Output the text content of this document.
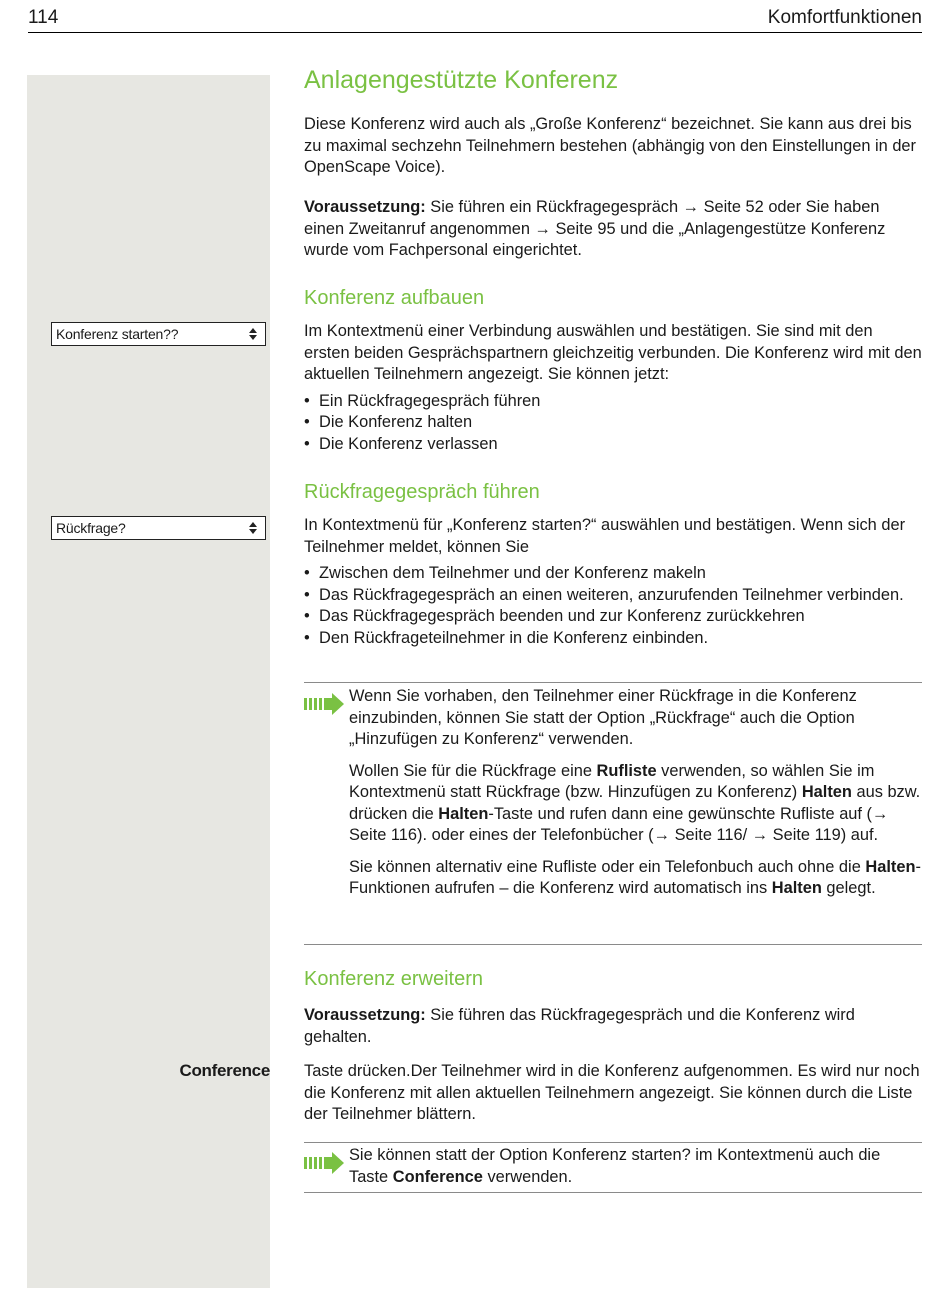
114	Komfortfunktionen
Konferenz starten??
Rückfrage?
Conference
Anlagengestützte Konferenz

Diese Konferenz wird auch als „Große Konferenz“ bezeichnet. Sie kann aus drei bis zu maximal sechzehn Teilnehmern bestehen (abhängig von den Einstellungen in der OpenScape Voice).

Voraussetzung: Sie führen ein Rückfragegespräch → Seite 52 oder Sie haben einen Zweitanruf angenommen → Seite 95 und die „Anlagengestütze Konferenz wurde vom Fachpersonal eingerichtet.

Konferenz aufbauen

Im Kontextmenü einer Verbindung auswählen und bestätigen. Sie sind mit den ersten beiden Gesprächspartnern gleichzeitig verbunden. Die Konferenz wird mit den aktuellen Teilnehmern angezeigt. Sie können jetzt:

• Ein Rückfragegespräch führen
• Die Konferenz halten
• Die Konferenz verlassen
Rückfragegespräch führen

In Kontextmenü für „Konferenz starten?“ auswählen und bestätigen. Wenn sich der Teilnehmer meldet, können Sie

• Zwischen dem Teilnehmer und der Konferenz makeln
• Das Rückfragegespräch an einen weiteren, anzurufenden Teilnehmer verbinden.
• Das Rückfragegespräch beenden und zur Konferenz zurückkehren
• Den Rückfrageteilnehmer in die Konferenz einbinden.

Wenn Sie vorhaben, den Teilnehmer einer Rückfrage in die Konferenz einzubinden, können Sie statt der Option „Rückfrage“ auch die Option „Hinzufügen zu Konferenz“ verwenden.

Wollen Sie für die Rückfrage eine Rufliste verwenden, so wählen Sie im Kontextmenü statt Rückfrage (bzw. Hinzufügen zu Konferenz) Halten aus bzw. drücken die Halten-Taste und rufen dann eine gewünschte Rufliste auf (→ Seite 116). oder eines der Telefonbücher (→ Seite 116/ → Seite 119) auf.

Sie können alternativ eine Rufliste oder ein Telefonbuch auch ohne die Halten-Funktionen aufrufen – die Konferenz wird automatisch ins Halten gelegt.

Konferenz erweitern

Voraussetzung: Sie führen das Rückfragegespräch und die Konferenz wird gehalten.

Taste drücken.Der Teilnehmer wird in die Konferenz aufgenommen. Es wird nur noch die Konferenz mit allen aktuellen Teilnehmern angezeigt. Sie können durch die Liste der Teilnehmer blättern.

Sie können statt der Option Konferenz starten? im Kontextmenü auch die Taste Conference verwenden.
